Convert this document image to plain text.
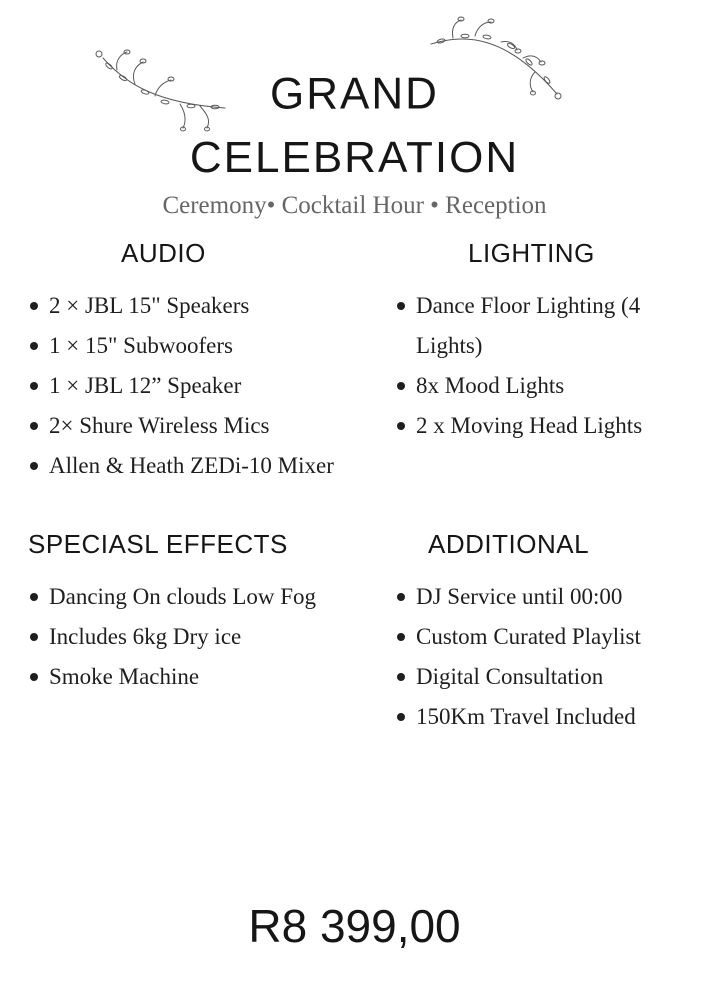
GRAND
CELEBRATION
Ceremony• Cocktail Hour • Reception
AUDIO
2 × JBL 15" Speakers
1 × 15" Subwoofers
1 × JBL 12” Speaker
2× Shure Wireless Mics
Allen & Heath ZEDi-10 Mixer
LIGHTING
Dance Floor Lighting (4 Lights)
8x Mood Lights
2 x Moving Head Lights
SPECIASL EFFECTS
Dancing On clouds Low Fog
Includes 6kg Dry ice
Smoke Machine
ADDITIONAL
DJ Service until 00:00
Custom Curated Playlist
Digital Consultation
150Km Travel Included
R8 399,00
